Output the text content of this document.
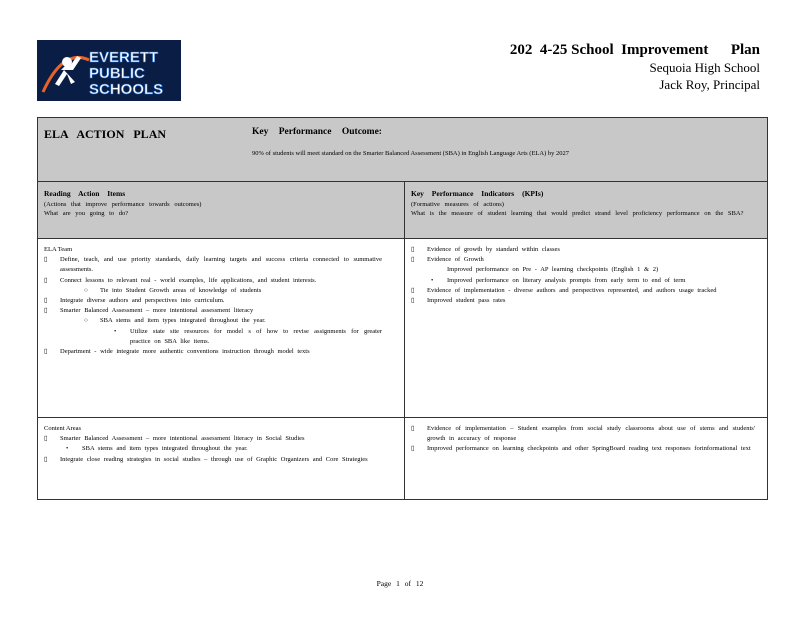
EVERETT
PUBLIC
SCHOOLS
202  4-25 School  Improvement      Plan
Sequoia High School
Jack Roy, Principal
ELA ACTION PLAN	Key Performance Outcome:
90% of students will meet standard on the Smarter Balanced Assessment (SBA) in English Language Arts (ELA) by 2027
Reading Action Items
(Actions that improve performance towards outcomes)
What are you going to do?
Key Performance Indicators (KPIs)
(Formative measures of actions)
What is the measure of student learning that would predict strand level proficiency performance on the SBA?
ELA Team
▯	Define, teach, and use priority standards, daily learning targets and success criteria connected to summative assessments.
▯	Connect lessons to relevant real - world examples, life applications, and student interests.
○	Tie into Student Growth areas of knowledge of students
▯	Integrate diverse authors and perspectives into curriculum.
▯	Smarter Balanced Assessment – more intentional assessment literacy
○	SBA stems and item types integrated throughout the year.
•	Utilize state site resources for model s of how to revise assignments for greater practice on SBA like items.
▯	Department - wide integrate more authentic conventions instruction through model texts
▯	Evidence of growth by standard within classes
▯	Evidence of Growth
Improved performance on Pre - AP learning checkpoints (English 1 & 2)
•	Improved performance on literary analysis prompts from early term to end of term
▯	Evidence of implementation - diverse authors and perspectives represented, and authors usage tracked
▯	Improved student pass rates
Content Areas
▯	Smarter Balanced Assessment – more intentional assessment literacy in Social Studies
•	SBA stems and item types integrated throughout the year.
▯	Integrate close reading strategies in social studies – through use of Graphic Organizers and Core Strategies
▯	Evidence of implementation – Student examples from social study classrooms about use of stems and students' growth in accuracy of response
▯	Improved performance on learning checkpoints and other SpringBoard reading text responses forinformational text
Page 1 of 12
